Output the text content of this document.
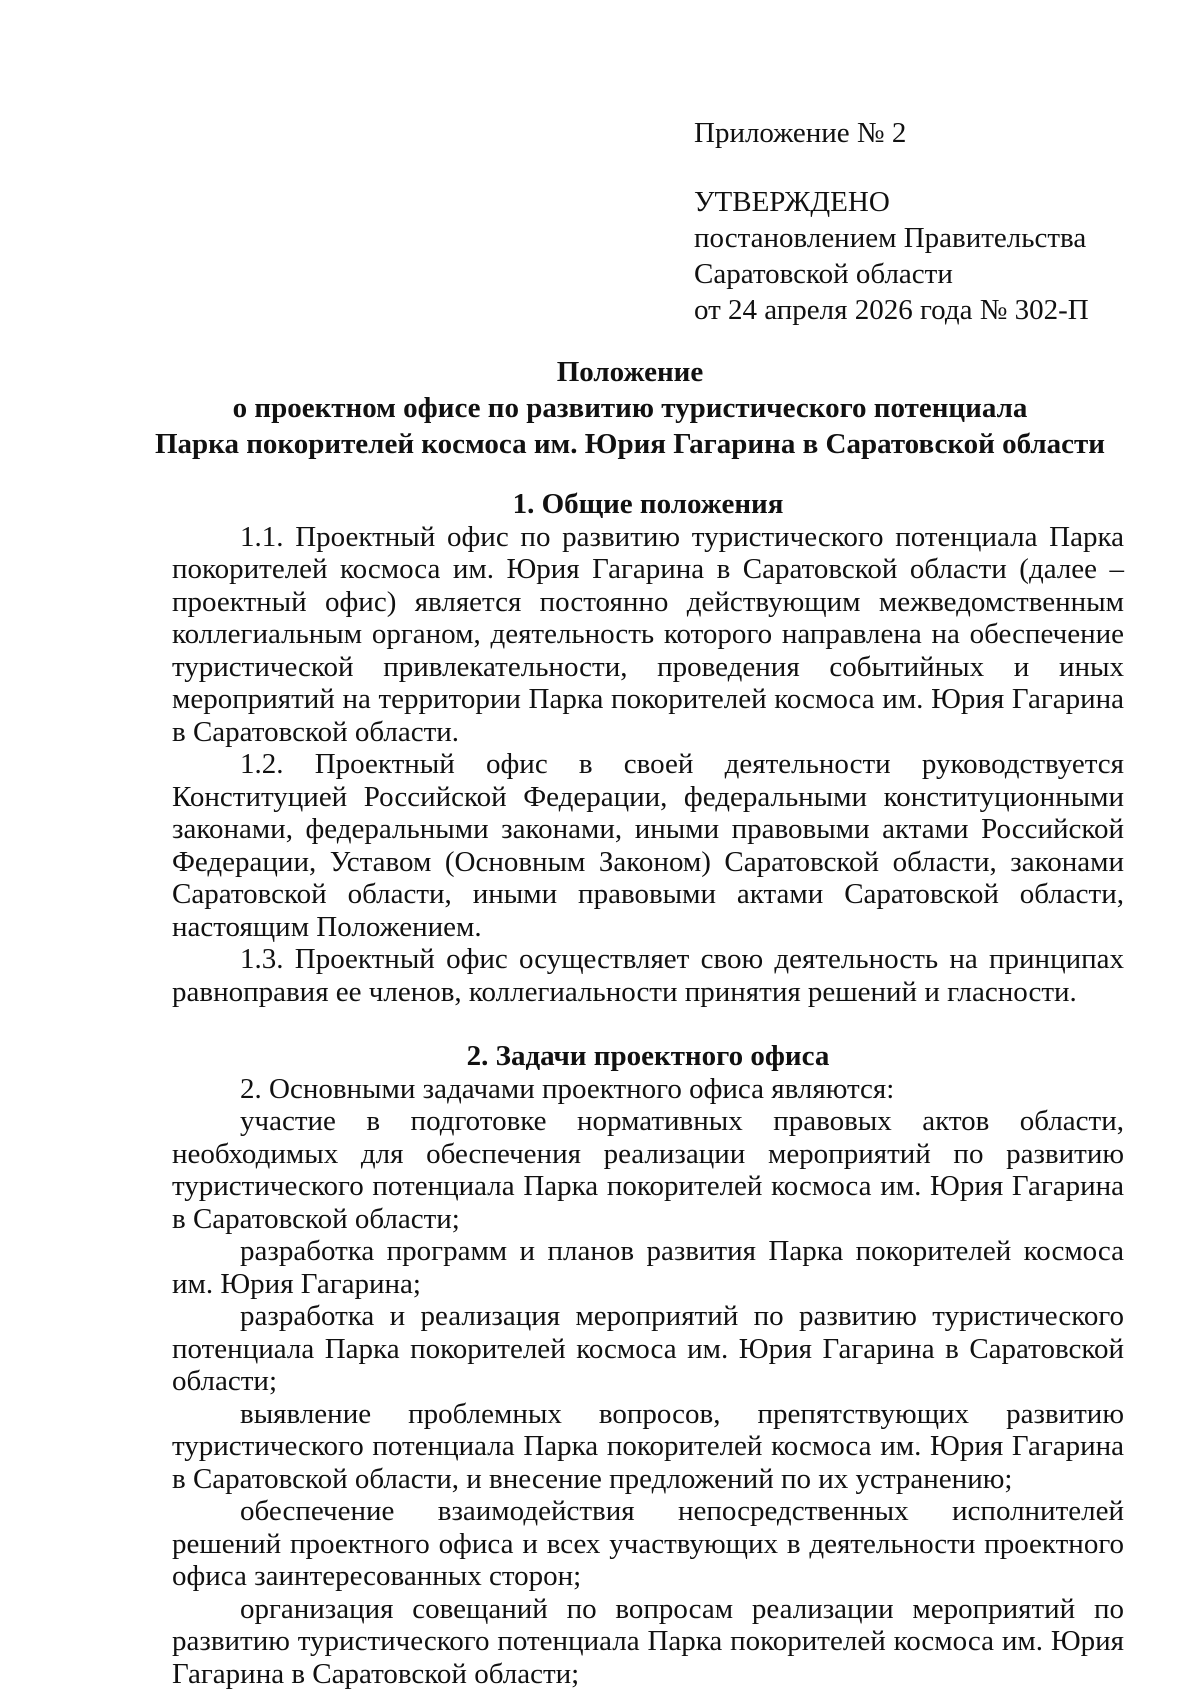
Приложение № 2
УТВЕРЖДЕНО
постановлением Правительства
Саратовской области
от 24 апреля 2026 года № 302-П
Положение
о проектном офисе по развитию туристического потенциала
Парка покорителей космоса им. Юрия Гагарина в Саратовской области

1. Общие положения

1.1. Проектный офис по развитию туристического потенциала Парка покорителей космоса им. Юрия Гагарина в Саратовской области (далее – проектный офис) является постоянно действующим межведомственным коллегиальным органом, деятельность которого направлена на обеспечение туристической привлекательности, проведения событийных и иных мероприятий на территории Парка покорителей космоса им. Юрия Гагарина в Саратовской области.

1.2. Проектный офис в своей деятельности руководствуется Конституцией Российской Федерации, федеральными конституционными законами, федеральными законами, иными правовыми актами Российской Федерации, Уставом (Основным Законом) Саратовской области, законами Саратовской области, иными правовыми актами Саратовской области, настоящим Положением.

1.3. Проектный офис осуществляет свою деятельность на принципах равноправия ее членов, коллегиальности принятия решений и гласности.

2. Задачи проектного офиса

2. Основными задачами проектного офиса являются:

участие в подготовке нормативных правовых актов области, необходимых для обеспечения реализации мероприятий по развитию туристического потенциала Парка покорителей космоса им. Юрия Гагарина в Саратовской области;

разработка программ и планов развития Парка покорителей космоса им. Юрия Гагарина;

разработка и реализация мероприятий по развитию туристического потенциала Парка покорителей космоса им. Юрия Гагарина в Саратовской области;

выявление проблемных вопросов, препятствующих развитию туристического потенциала Парка покорителей космоса им. Юрия Гагарина в Саратовской области, и внесение предложений по их устранению;

обеспечение взаимодействия непосредственных исполнителей решений проектного офиса и всех участвующих в деятельности проектного офиса заинтересованных сторон;

организация совещаний по вопросам реализации мероприятий по развитию туристического потенциала Парка покорителей космоса им. Юрия Гагарина в Саратовской области;
